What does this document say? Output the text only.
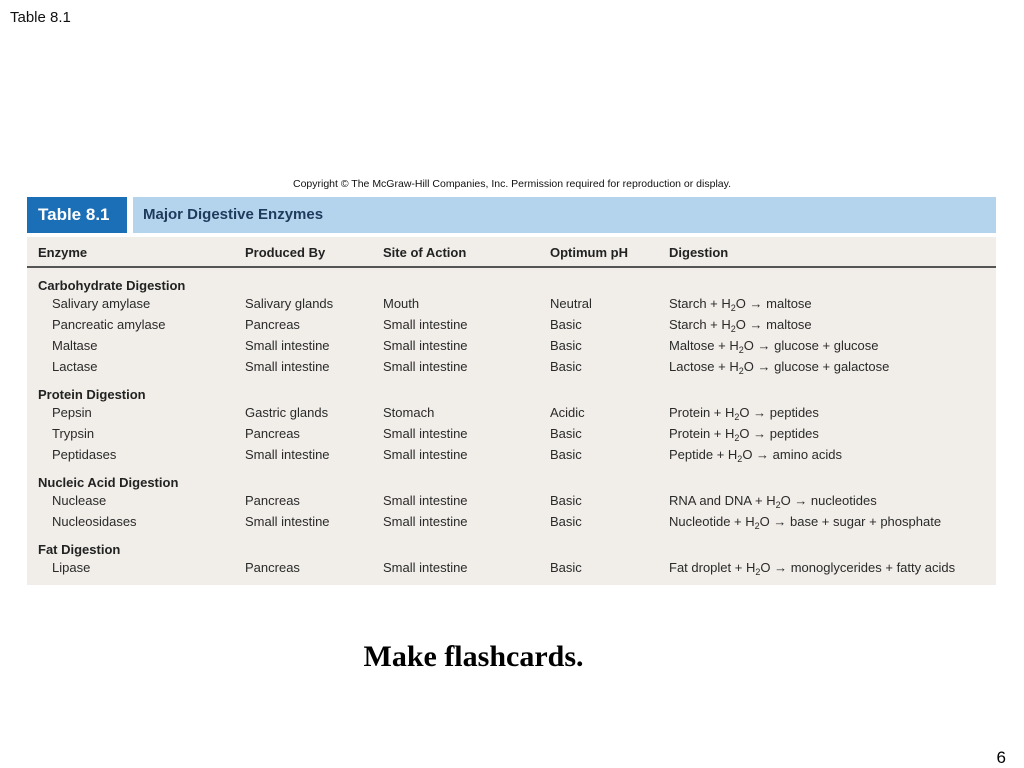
Table 8.1
Copyright © The McGraw-Hill Companies, Inc. Permission required for reproduction or display.
Table 8.1	Major Digestive Enzymes
Enzyme	Produced By	Site of Action	Optimum pH	Digestion
Carbohydrate Digestion
Salivary amylase	Salivary glands	Mouth	Neutral	Starch + $H_2O$ → maltose
Pancreatic amylase	Pancreas	Small intestine	Basic	Starch + $H_2O$ → maltose
Maltase	Small intestine	Small intestine	Basic	Maltose + $H_2O \to glucose + glucose$
Lactase	Small intestine	Small intestine	Basic	Lactose + $H_2O \to glucose$ + galactose
Protein Digestion
Pepsin	Gastric glands	Stomach	Acidic	Protein + $H_2O$ → peptides
Trypsin	Pancreas	Small intestine	Basic	Protein + $H_2O$ → peptides
Peptidases	Small intestine	Small intestine	Basic	Peptide + $H_2O \to amino$ acids
Nucleic Acid Digestion
Nuclease	Pancreas	Small intestine	Basic	RNA and DNA + $H_2O$ → nucleotides
Nucleosidases	Small intestine	Small intestine	Basic	Nucleotide + $H_2O$ → base + sugar + phosphate
Fat Digestion
Lipase	Pancreas	Small intestine	Basic	Fat droplet + $H_2O$ → monoglycerides + fatty acids
Make flashcards.
6
